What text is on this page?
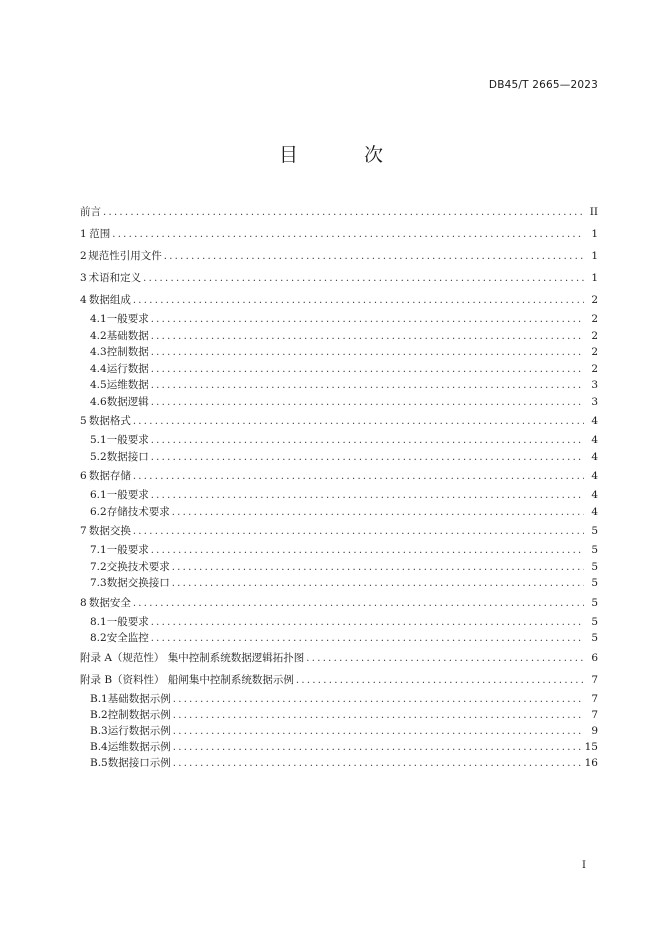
DB45/T 2665—2023
目 次
前言 .....	II
1 范围 .....	1
2 规范性引用文件 .....	1
3 术语和定义 .....	1
4 数据组成 .....	2
4.1 一般要求 .....	2
4.2 基础数据 .....	2
4.3 控制数据 .....	2
4.4 运行数据 .....	2
4.5 运维数据 .....	3
4.6 数据逻辑 .....	3
5 数据格式 .....	4
5.1 一般要求 .....	4
5.2 数据接口 .....	4
6 数据存储 .....	4
6.1 一般要求 .....	4
6.2 存储技术要求 .....	4
7 数据交换 .....	5
7.1 一般要求 .....	5
7.2 交换技术要求 .....	5
7.3 数据交换接口 .....	5
8 数据安全 .....	5
8.1 一般要求 .....	5
8.2 安全监控 .....	5
附录 A（规范性） 集中控制系统数据逻辑拓扑图 .....	6
附录 B（资料性） 船闸集中控制系统数据示例 .....	7
B.1 基础数据示例 .....	7
B.2 控制数据示例 .....	7
B.3 运行数据示例 .....	9
B.4 运维数据示例 .....	15
B.5 数据接口示例 .....	16
I
